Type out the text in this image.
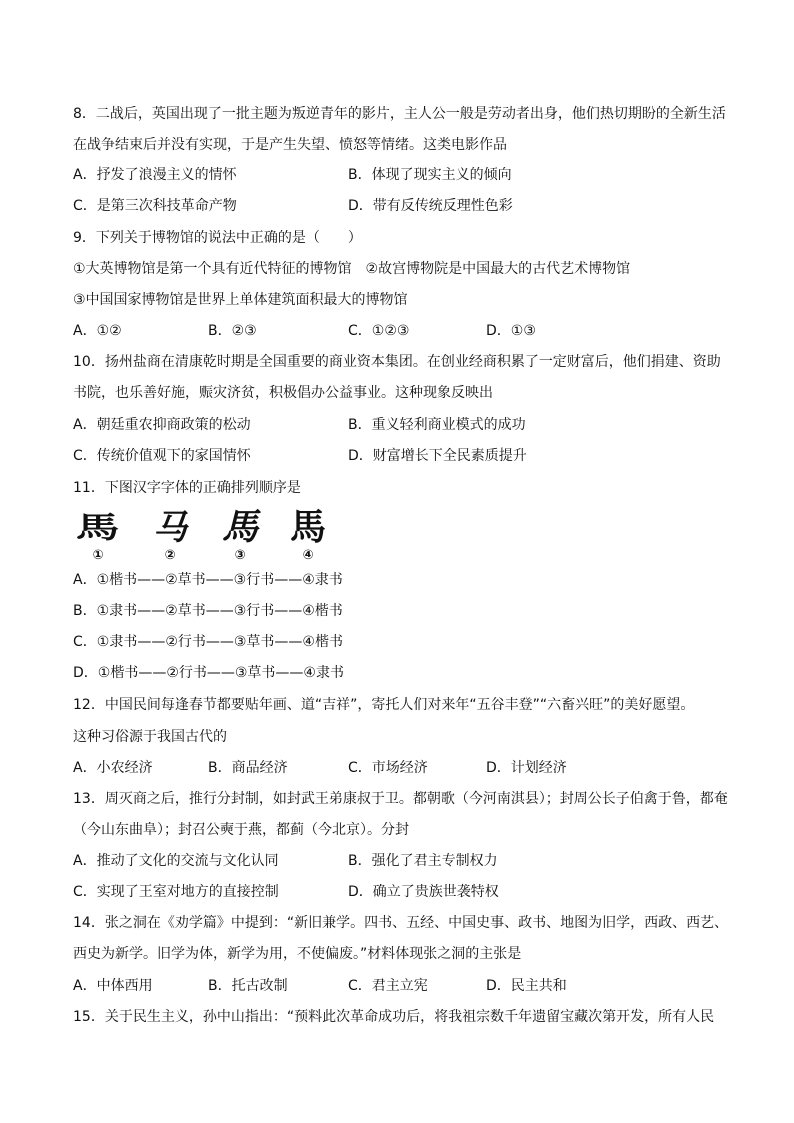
8．二战后，英国出现了一批主题为叛逆青年的影片，主人公一般是劳动者出身，他们热切期盼的全新生活
在战争结束后并没有实现，于是产生失望、愤怒等情绪。这类电影作品
A．抒发了浪漫主义的情怀	B．体现了现实主义的倾向
C．是第三次科技革命产物	D．带有反传统反理性色彩
9．下列关于博物馆的说法中正确的是（　　）
①大英博物馆是第一个具有近代特征的博物馆　②故宫博物院是中国最大的古代艺术博物馆
③中国国家博物馆是世界上单体建筑面积最大的博物馆
A．①②	B．②③	C．①②③	D．①③
10．扬州盐商在清康乾时期是全国重要的商业资本集团。在创业经商积累了一定财富后，他们捐建、资助
书院，也乐善好施，赈灾济贫，积极倡办公益事业。这种现象反映出
A．朝廷重农抑商政策的松动	B．重义轻利商业模式的成功
C．传统价值观下的家国情怀	D．财富增长下全民素质提升
11．下图汉字字体的正确排列顺序是
馬 马 馬 馬
①	②	③	④
A．①楷书——②草书——③行书——④隶书
B．①隶书——②草书——③行书——④楷书
C．①隶书——②行书——③草书——④楷书
D．①楷书——②行书——③草书——④隶书
12．中国民间每逢春节都要贴年画、道“吉祥”，寄托人们对来年“五谷丰登”“六畜兴旺”的美好愿望。
这种习俗源于我国古代的
A．小农经济	B．商品经济	C．市场经济	D．计划经济
13．周灭商之后，推行分封制，如封武王弟康叔于卫。都朝歌（今河南淇县）；封周公长子伯禽于鲁，都奄
（今山东曲阜）；封召公奭于燕，都蓟（今北京）。分封
A．推动了文化的交流与文化认同	B．强化了君主专制权力
C．实现了王室对地方的直接控制	D．确立了贵族世袭特权
14．张之洞在《劝学篇》中提到：“新旧兼学。四书、五经、中国史事、政书、地图为旧学，西政、西艺、
西史为新学。旧学为体，新学为用，不使偏废。”材料体现张之洞的主张是
A．中体西用	B．托古改制	C．君主立宪	D．民主共和
15．关于民生主义，孙中山指出：“预料此次革命成功后，将我祖宗数千年遗留宝藏次第开发，所有人民
